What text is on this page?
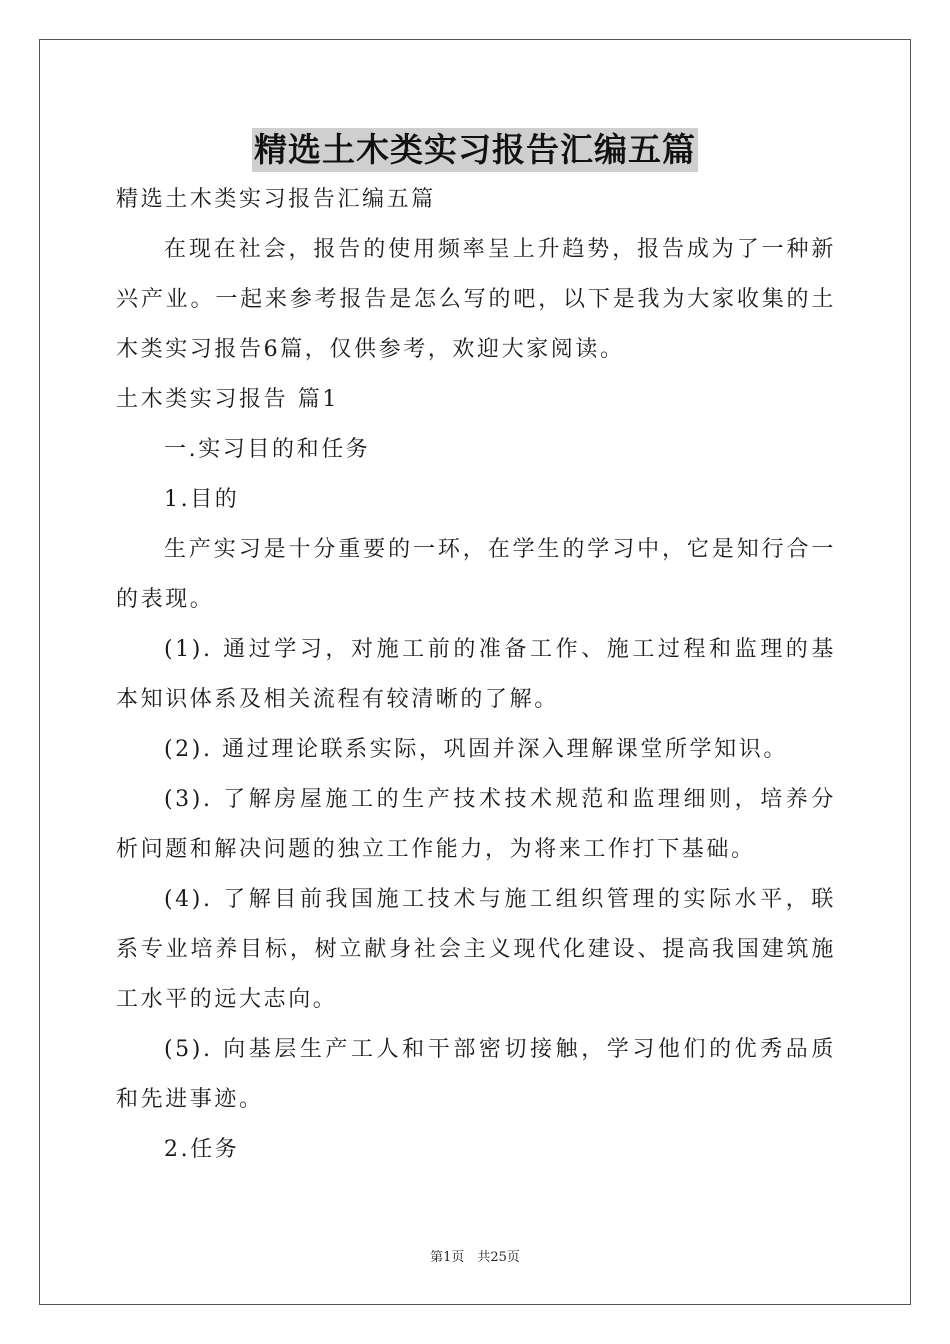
精选土木类实习报告汇编五篇

精选土木类实习报告汇编五篇

在现在社会，报告的使用频率呈上升趋势，报告成为了一种新兴产业。一起来参考报告是怎么写的吧，以下是我为大家收集的土木类实习报告6篇，仅供参考，欢迎大家阅读。

土木类实习报告 篇1

一.实习目的和任务

1.目的

生产实习是十分重要的一环，在学生的学习中，它是知行合一的表现。

(1). 通过学习，对施工前的准备工作、施工过程和监理的基本知识体系及相关流程有较清晰的了解。

(2). 通过理论联系实际，巩固并深入理解课堂所学知识。

(3). 了解房屋施工的生产技术技术规范和监理细则，培养分析问题和解决问题的独立工作能力，为将来工作打下基础。

(4). 了解目前我国施工技术与施工组织管理的实际水平，联系专业培养目标，树立献身社会主义现代化建设、提高我国建筑施工水平的远大志向。

(5). 向基层生产工人和干部密切接触，学习他们的优秀品质和先进事迹。

2.任务

第1页　共25页
